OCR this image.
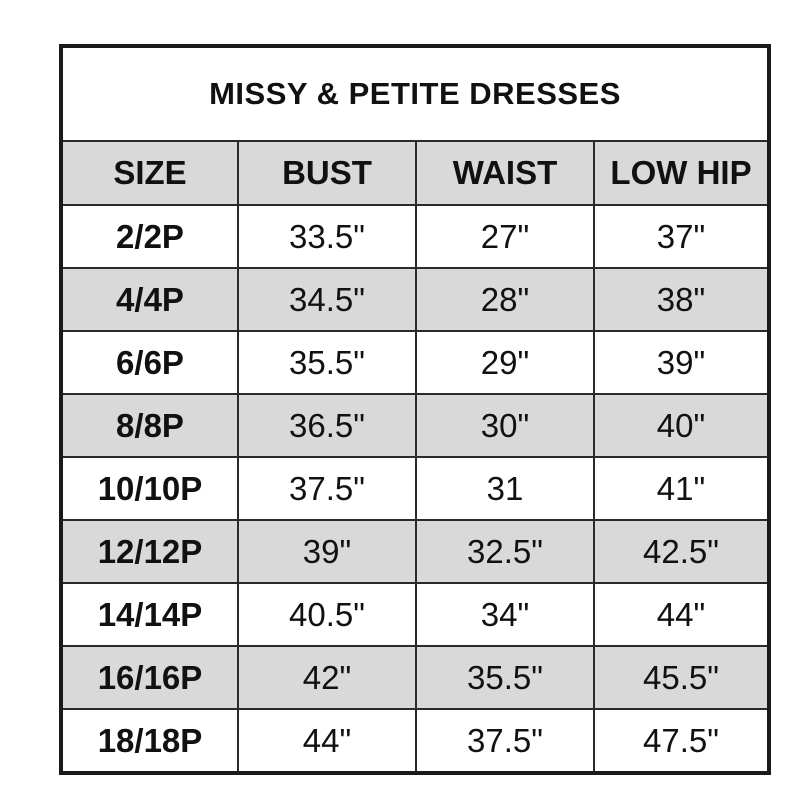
MISSY & PETITE DRESSES			
SIZE	BUST	WAIST	LOW HIP
2/2P	33.5"	27"	37"
4/4P	34.5"	28"	38"
6/6P	35.5"	29"	39"
8/8P	36.5"	30"	40"
10/10P	37.5"	31	41"
12/12P	39"	32.5"	42.5"
14/14P	40.5"	34"	44"
16/16P	42"	35.5"	45.5"
18/18P	44"	37.5"	47.5"
